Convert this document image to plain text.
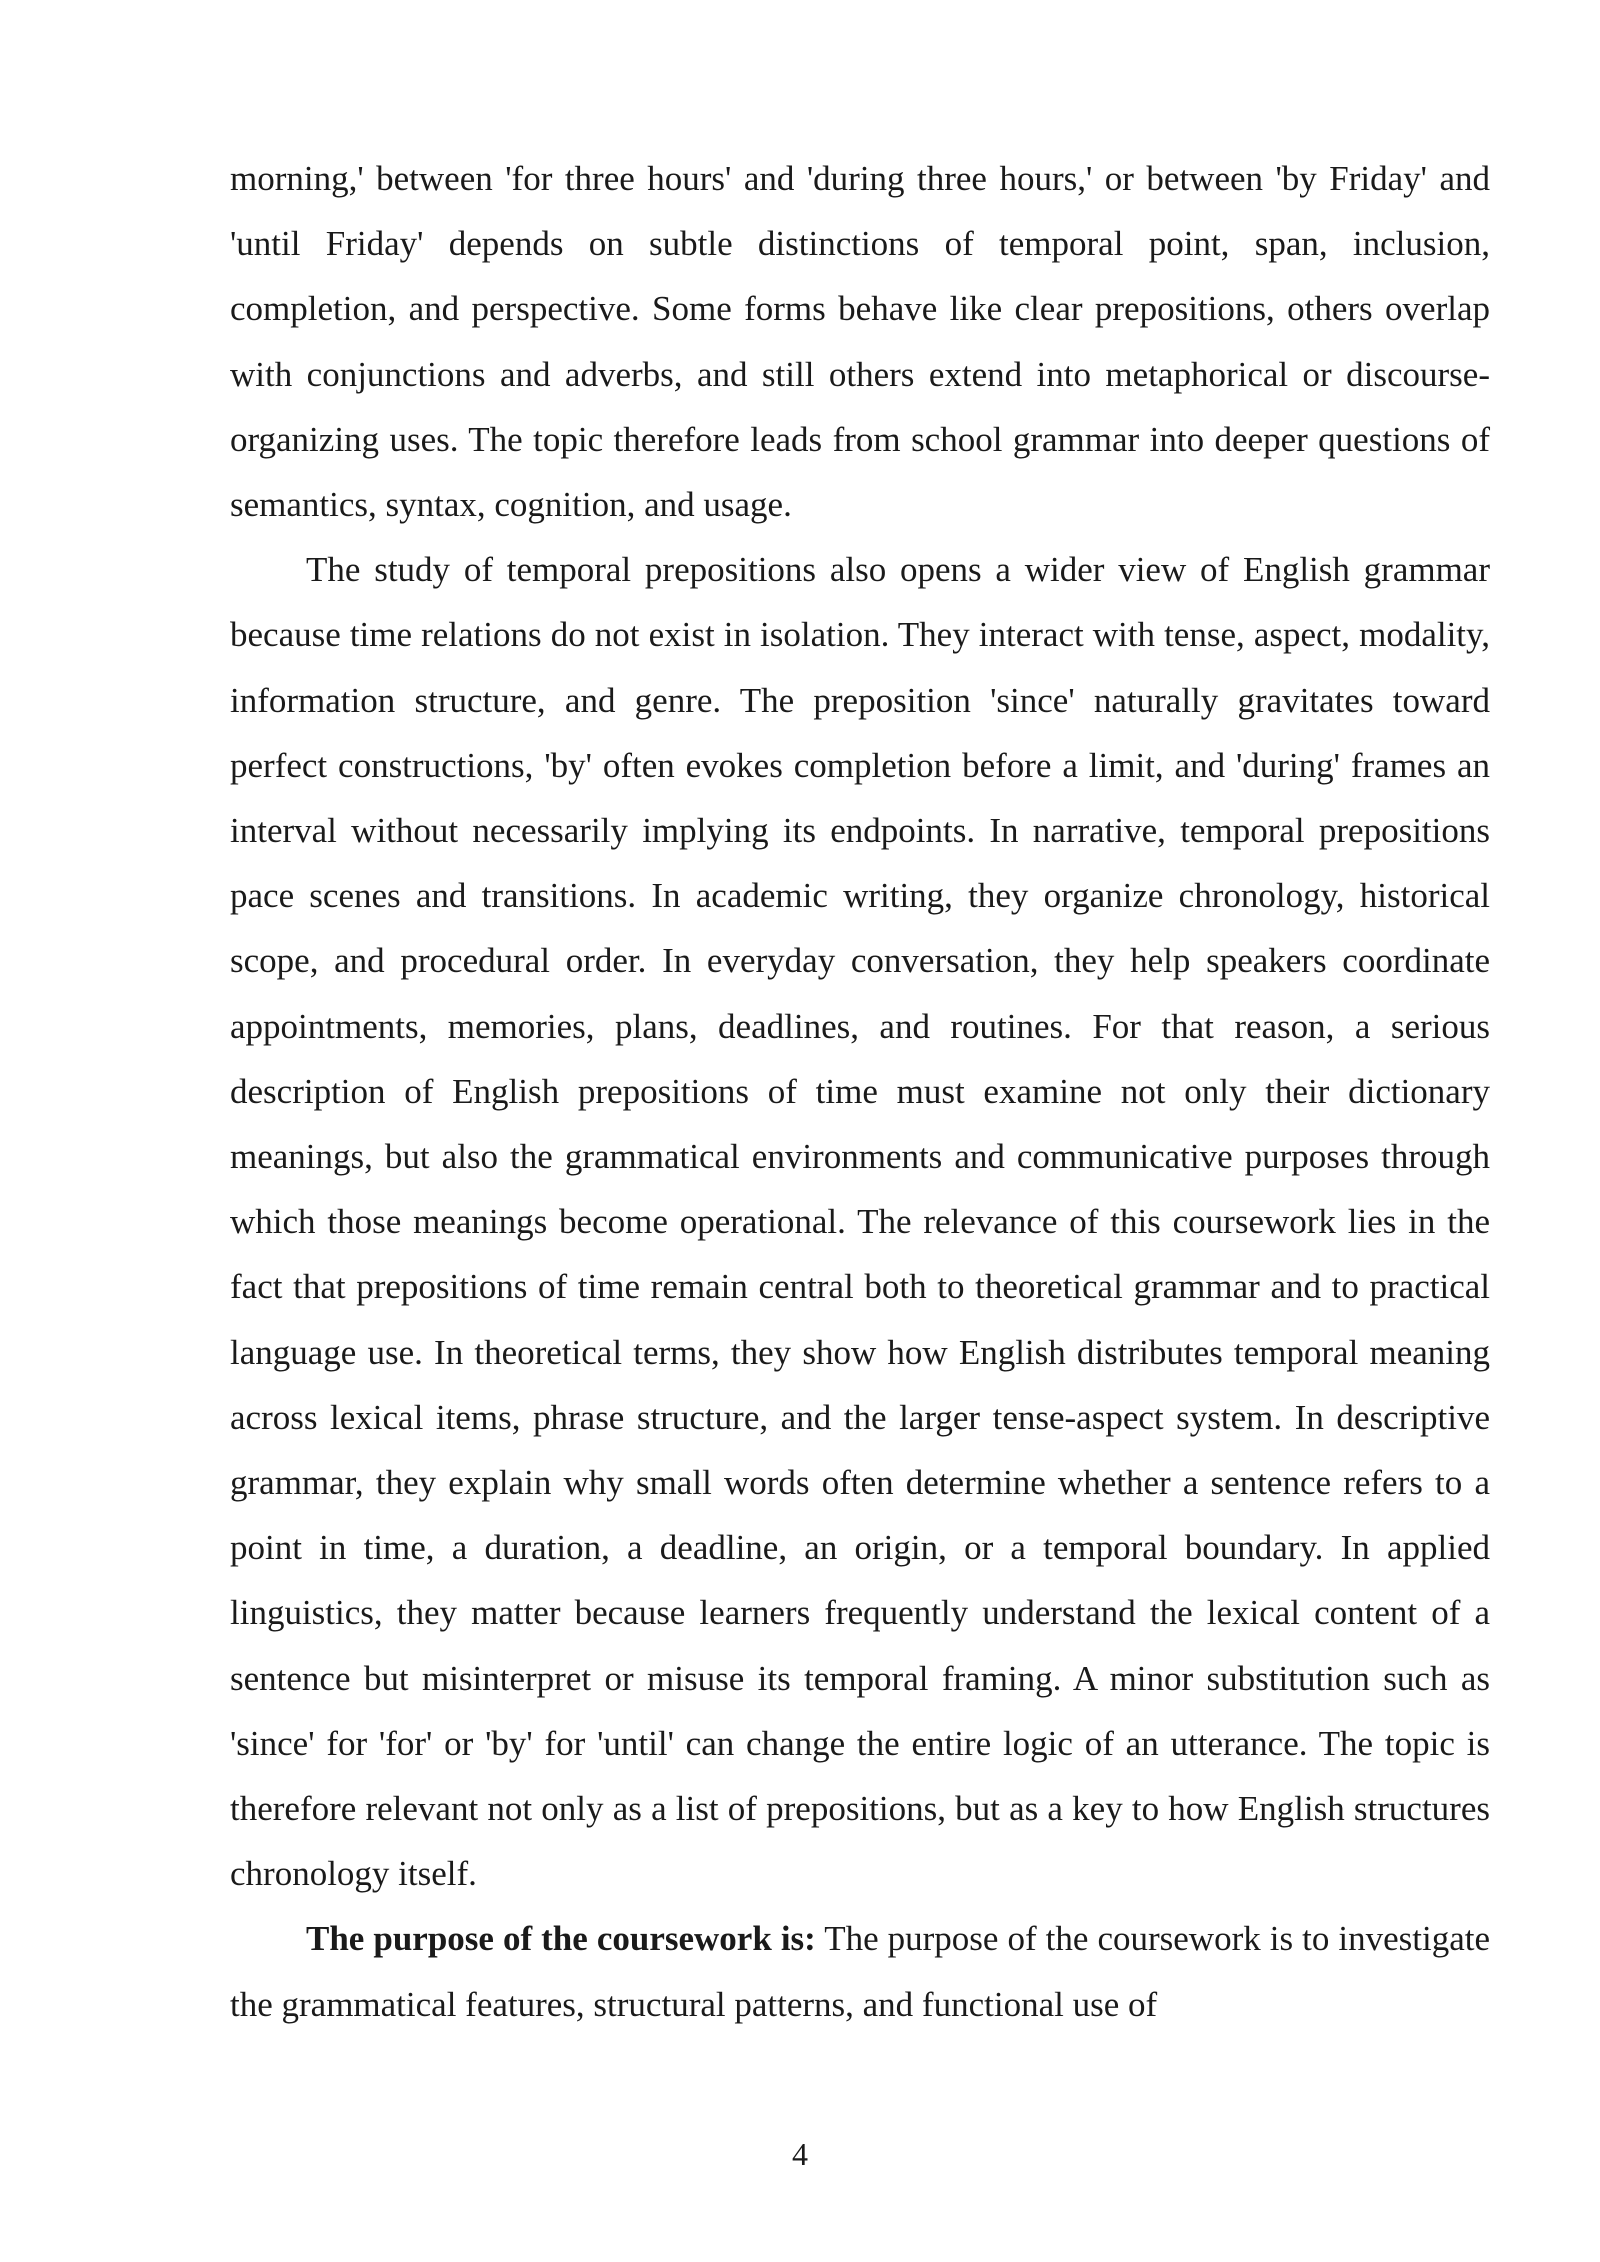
morning,' between 'for three hours' and 'during three hours,' or between 'by Friday' and 'until Friday' depends on subtle distinctions of temporal point, span, inclusion, completion, and perspective. Some forms behave like clear prepositions, others overlap with conjunctions and adverbs, and still others extend into metaphorical or discourse-organizing uses. The topic therefore leads from school grammar into deeper questions of semantics, syntax, cognition, and usage.

The study of temporal prepositions also opens a wider view of English grammar because time relations do not exist in isolation. They interact with tense, aspect, modality, information structure, and genre. The preposition 'since' naturally gravitates toward perfect constructions, 'by' often evokes completion before a limit, and 'during' frames an interval without necessarily implying its endpoints. In narrative, temporal prepositions pace scenes and transitions. In academic writing, they organize chronology, historical scope, and procedural order. In everyday conversation, they help speakers coordinate appointments, memories, plans, deadlines, and routines. For that reason, a serious description of English prepositions of time must examine not only their dictionary meanings, but also the grammatical environments and communicative purposes through which those meanings become operational. The relevance of this coursework lies in the fact that prepositions of time remain central both to theoretical grammar and to practical language use. In theoretical terms, they show how English distributes temporal meaning across lexical items, phrase structure, and the larger tense-aspect system. In descriptive grammar, they explain why small words often determine whether a sentence refers to a point in time, a duration, a deadline, an origin, or a temporal boundary. In applied linguistics, they matter because learners frequently understand the lexical content of a sentence but misinterpret or misuse its temporal framing. A minor substitution such as 'since' for 'for' or 'by' for 'until' can change the entire logic of an utterance. The topic is therefore relevant not only as a list of prepositions, but as a key to how English structures chronology itself.

The purpose of the coursework is: The purpose of the coursework is to investigate the grammatical features, structural patterns, and functional use of

4
